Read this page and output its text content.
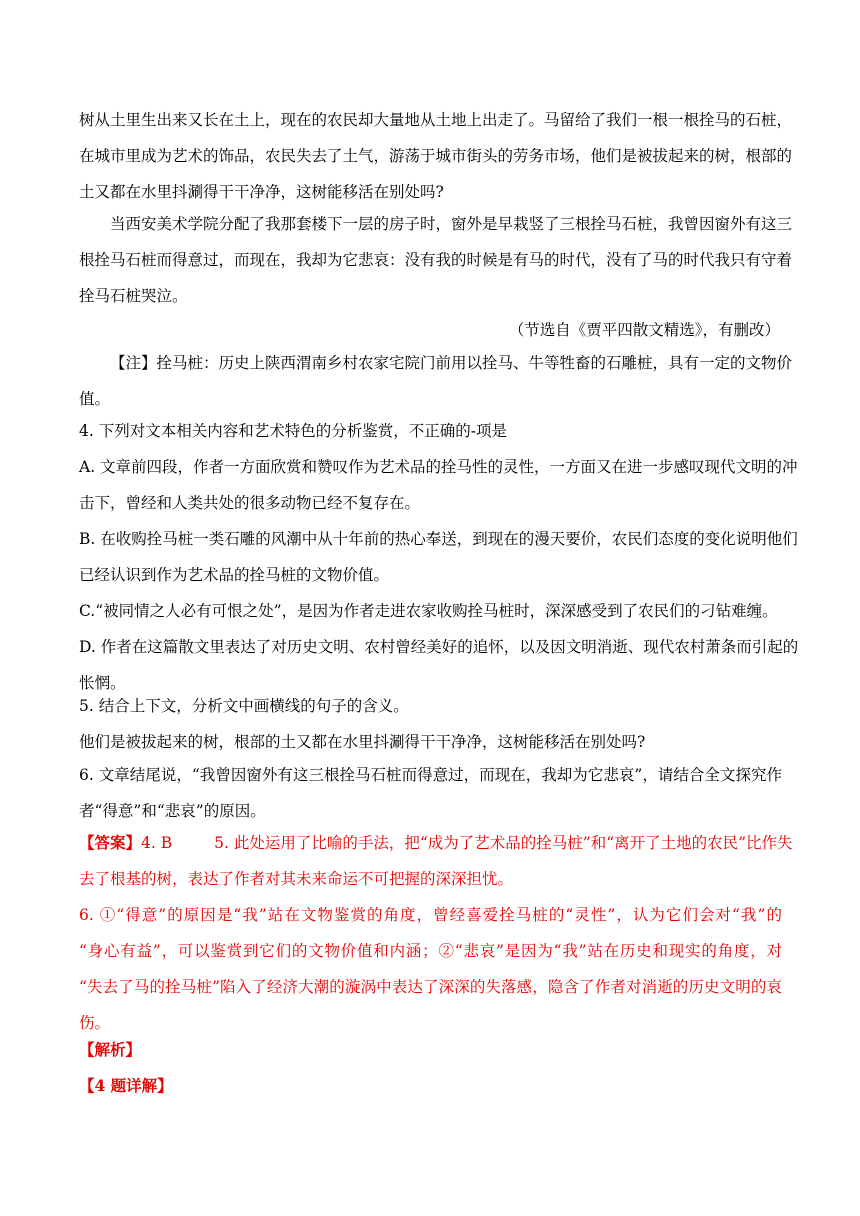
树从土里生出来又长在土上，现在的农民却大量地从土地上出走了。马留给了我们一根一根拴马的石桩，
在城市里成为艺术的饰品，农民失去了土气，游荡于城市街头的劳务市场，他们是被拔起来的树，根部的
土又都在水里抖涮得干干净净，这树能移活在别处吗?
当西安美术学院分配了我那套楼下一层的房子时，窗外是早栽竖了三根拴马石桩，我曾因窗外有这三
根拴马石桩而得意过，而现在，我却为它悲哀：没有我的时候是有马的时代，没有了马的时代我只有守着
拴马石桩哭泣。
（节选自《贾平四散文精选》，有删改）
【注】拴马桩：历史上陕西渭南乡村农家宅院门前用以拴马、牛等牲畜的石雕桩，具有一定的文物价
值。
4. 下列对文本相关内容和艺术特色的分析鉴赏，不正确的-项是
A. 文章前四段，作者一方面欣赏和赞叹作为艺术品的拴马性的灵性，一方面又在进一步感叹现代文明的冲
击下，曾经和人类共处的很多动物已经不复存在。
B. 在收购拴马桩一类石雕的风潮中从十年前的热心奉送，到现在的漫天要价，农民们态度的变化说明他们
已经认识到作为艺术品的拴马桩的文物价值。
C.“被同情之人必有可恨之处”，是因为作者走进农家收购拴马桩时，深深感受到了农民们的刁钻难缠。
D. 作者在这篇散文里表达了对历史文明、农村曾经美好的追怀，以及因文明消逝、现代农村萧条而引起的
怅惘。
5. 结合上下文，分析文中画横线的句子的含义。
他们是被拔起来的树，根部的土又都在水里抖涮得干干净净，这树能移活在别处吗?
6. 文章结尾说，“我曾因窗外有这三根拴马石桩而得意过，而现在，我却为它悲哀”，请结合全文探究作
者“得意”和“悲哀”的原因。
【答案】4. B	5. 此处运用了比喻的手法，把“成为了艺术品的拴马桩”和“离开了土地的农民”比作失
去了根基的树，表达了作者对其未来命运不可把握的深深担忧。
6. ①“得意”的原因是“我”站在文物鉴赏的角度，曾经喜爱拴马桩的“灵性”，认为它们会对“我”的
“身心有益”，可以鉴赏到它们的文物价值和内涵；②“悲哀”是因为“我”站在历史和现实的角度，对
“失去了马的拴马桩”陷入了经济大潮的漩涡中表达了深深的失落感，隐含了作者对消逝的历史文明的哀
伤。
【解析】
【4 题详解】
